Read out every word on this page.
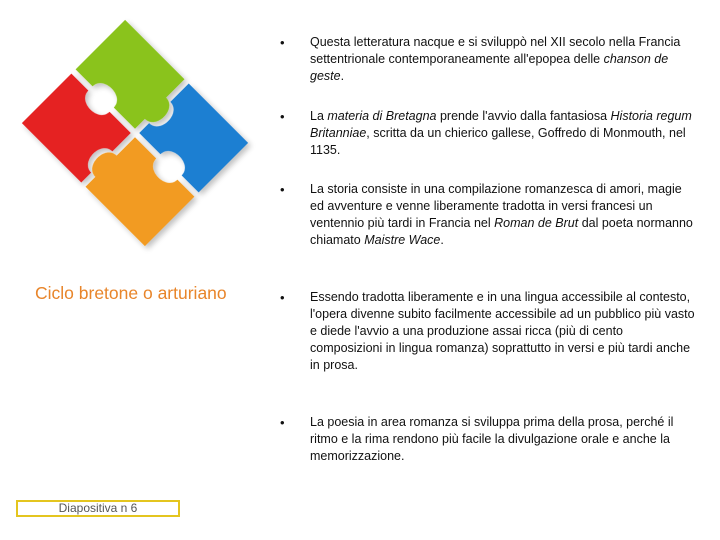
Ciclo bretone o arturiano
•	Questa letteratura nacque e si sviluppò nel XII secolo nella Francia settentrionale contemporaneamente all'epopea delle chanson de geste.
•	La materia di Bretagna prende l'avvio dalla fantasiosa Historia regum Britanniae, scritta da un chierico gallese, Goffredo di Monmouth, nel 1135.
•	La storia consiste in una compilazione romanzesca di amori, magie ed avventure e venne liberamente tradotta in versi francesi un ventennio più tardi in Francia nel Roman de Brut dal poeta normanno chiamato Maistre Wace.
•	Essendo tradotta liberamente e in una lingua accessibile al contesto, l'opera divenne subito facilmente accessibile ad un pubblico più vasto e diede l'avvio a una produzione assai ricca (più di cento composizioni in lingua romanza) soprattutto in versi e più tardi anche in prosa.
•	La poesia in area romanza si sviluppa prima della prosa, perché il ritmo e la rima rendono più facile la divulgazione orale e anche la memorizzazione.
Diapositiva n 6
